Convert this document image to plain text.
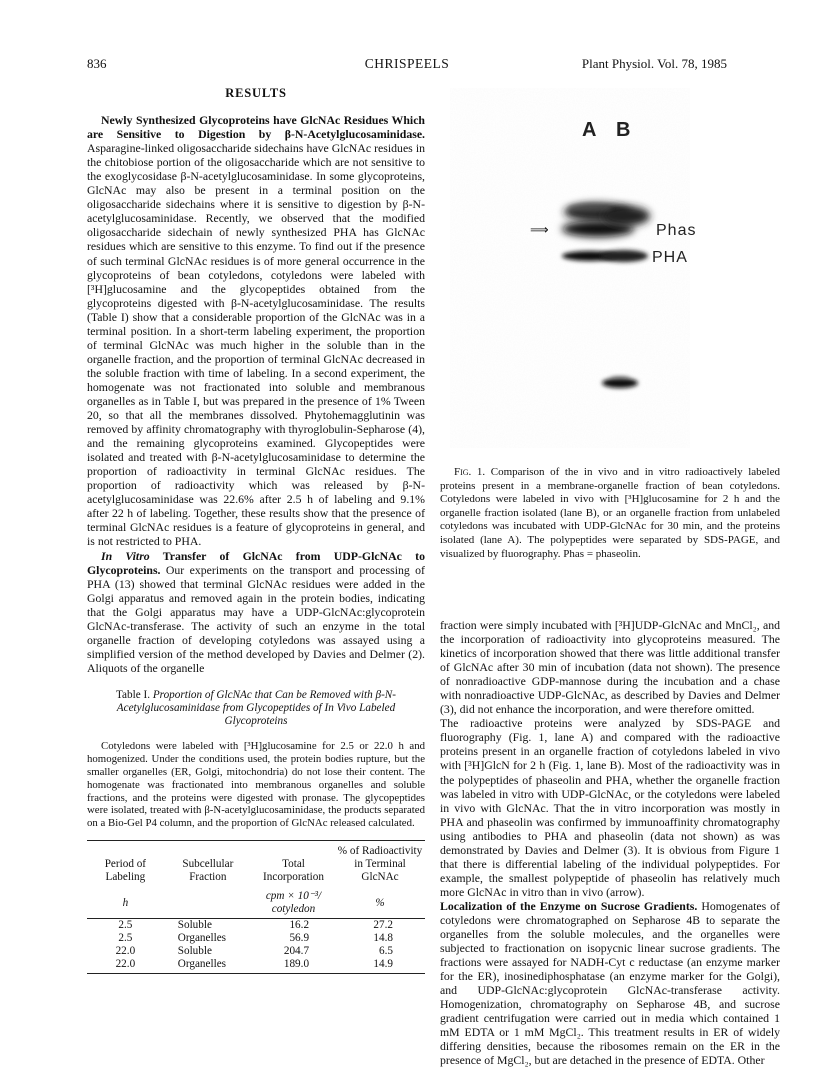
836	CHRISPEELS	Plant Physiol. Vol. 78, 1985
RESULTS

Newly Synthesized Glycoproteins have GlcNAc Residues Which are Sensitive to Digestion by β-N-Acetylglucosaminidase. Asparagine-linked oligosaccharide sidechains have GlcNAc residues in the chitobiose portion of the oligosaccharide which are not sensitive to the exoglycosidase β-N-acetylglucosaminidase. In some glycoproteins, GlcNAc may also be present in a terminal position on the oligosaccharide sidechains where it is sensitive to digestion by β-N-acetylglucosaminidase. Recently, we observed that the modified oligosaccharide sidechain of newly synthesized PHA has GlcNAc residues which are sensitive to this enzyme. To find out if the presence of such terminal GlcNAc residues is of more general occurrence in the glycoproteins of bean cotyledons, cotyledons were labeled with [³H]glucosamine and the glycopeptides obtained from the glycoproteins digested with β-N-acetylglucosaminidase. The results (Table I) show that a considerable proportion of the GlcNAc was in a terminal position. In a short-term labeling experiment, the proportion of terminal GlcNAc was much higher in the soluble than in the organelle fraction, and the proportion of terminal GlcNAc decreased in the soluble fraction with time of labeling. In a second experiment, the homogenate was not fractionated into soluble and membranous organelles as in Table I, but was prepared in the presence of 1% Tween 20, so that all the membranes dissolved. Phytohemagglutinin was removed by affinity chromatography with thyroglobulin-Sepharose (4), and the remaining glycoproteins examined. Glycopeptides were isolated and treated with β-N-acetylglucosaminidase to determine the proportion of radioactivity in terminal GlcNAc residues. The proportion of radioactivity which was released by β-N-acetylglucosaminidase was 22.6% after 2.5 h of labeling and 9.1% after 22 h of labeling. Together, these results show that the presence of terminal GlcNAc residues is a feature of glycoproteins in general, and is not restricted to PHA.

In Vitro Transfer of GlcNAc from UDP-GlcNAc to Glycoproteins. Our experiments on the transport and processing of PHA (13) showed that terminal GlcNAc residues were added in the Golgi apparatus and removed again in the protein bodies, indicating that the Golgi apparatus may have a UDP-GlcNAc:glycoprotein GlcNAc-transferase. The activity of such an enzyme in the total organelle fraction of developing cotyledons was assayed using a simplified version of the method developed by Davies and Delmer (2). Aliquots of the organelle

Table I. Proportion of GlcNAc that Can be Removed with β-N-Acetylglucosaminidase from Glycopeptides of In Vivo Labeled Glycoproteins

Cotyledons were labeled with [³H]glucosamine for 2.5 or 22.0 h and homogenized. Under the conditions used, the protein bodies rupture, but the smaller organelles (ER, Golgi, mitochondria) do not lose their content. The homogenate was fractionated into membranous organelles and soluble fractions, and the proteins were digested with pronase. The glycopeptides were isolated, treated with β-N-acetylglucosaminidase, the products separated on a Bio-Gel P4 column, and the proportion of GlcNAc released calculated.

Period of Labeling	Subcellular Fraction	Total Incorporation	% of Radioactivity in Terminal GlcNAc
h		cpm × 10⁻³/ cotyledon	%
2.5	Soluble	16.2	27.2
2.5	Organelles	56.9	14.8
22.0	Soluble	204.7	6.5
22.0	Organelles	189.0	14.9
A B
⟹	Phas
PHA
Fig. 1. Comparison of the in vivo and in vitro radioactively labeled proteins present in a membrane-organelle fraction of bean cotyledons. Cotyledons were labeled in vivo with [³H]glucosamine for 2 h and the organelle fraction isolated (lane B), or an organelle fraction from unlabeled cotyledons was incubated with UDP-GlcNAc for 30 min, and the proteins isolated (lane A). The polypeptides were separated by SDS-PAGE, and visualized by fluorography. Phas = phaseolin.

fraction were simply incubated with [³H]UDP-GlcNAc and MnCl₂, and the incorporation of radioactivity into glycoproteins measured. The kinetics of incorporation showed that there was little additional transfer of GlcNAc after 30 min of incubation (data not shown). The presence of nonradioactive GDP-mannose during the incubation and a chase with nonradioactive UDP-GlcNAc, as described by Davies and Delmer (3), did not enhance the incorporation, and were therefore omitted.

The radioactive proteins were analyzed by SDS-PAGE and fluorography (Fig. 1, lane A) and compared with the radioactive proteins present in an organelle fraction of cotyledons labeled in vivo with [³H]GlcN for 2 h (Fig. 1, lane B). Most of the radioactivity was in the polypeptides of phaseolin and PHA, whether the organelle fraction was labeled in vitro with UDP-GlcNAc, or the cotyledons were labeled in vivo with GlcNAc. That the in vitro incorporation was mostly in PHA and phaseolin was confirmed by immunoaffinity chromatography using antibodies to PHA and phaseolin (data not shown) as was demonstrated by Davies and Delmer (3). It is obvious from Figure 1 that there is differential labeling of the individual polypeptides. For example, the smallest polypeptide of phaseolin has relatively much more GlcNAc in vitro than in vivo (arrow).

Localization of the Enzyme on Sucrose Gradients. Homogenates of cotyledons were chromatographed on Sepharose 4B to separate the organelles from the soluble molecules, and the organelles were subjected to fractionation on isopycnic linear sucrose gradients. The fractions were assayed for NADH-Cyt c reductase (an enzyme marker for the ER), inosinediphosphatase (an enzyme marker for the Golgi), and UDP-GlcNAc:glycoprotein GlcNAc-transferase activity. Homogenization, chromatography on Sepharose 4B, and sucrose gradient centrifugation were carried out in media which contained 1 mM EDTA or 1 mM MgCl₂. This treatment results in ER of widely differing densities, because the ribosomes remain on the ER in the presence of MgCl₂, but are detached in the presence of EDTA. Other
